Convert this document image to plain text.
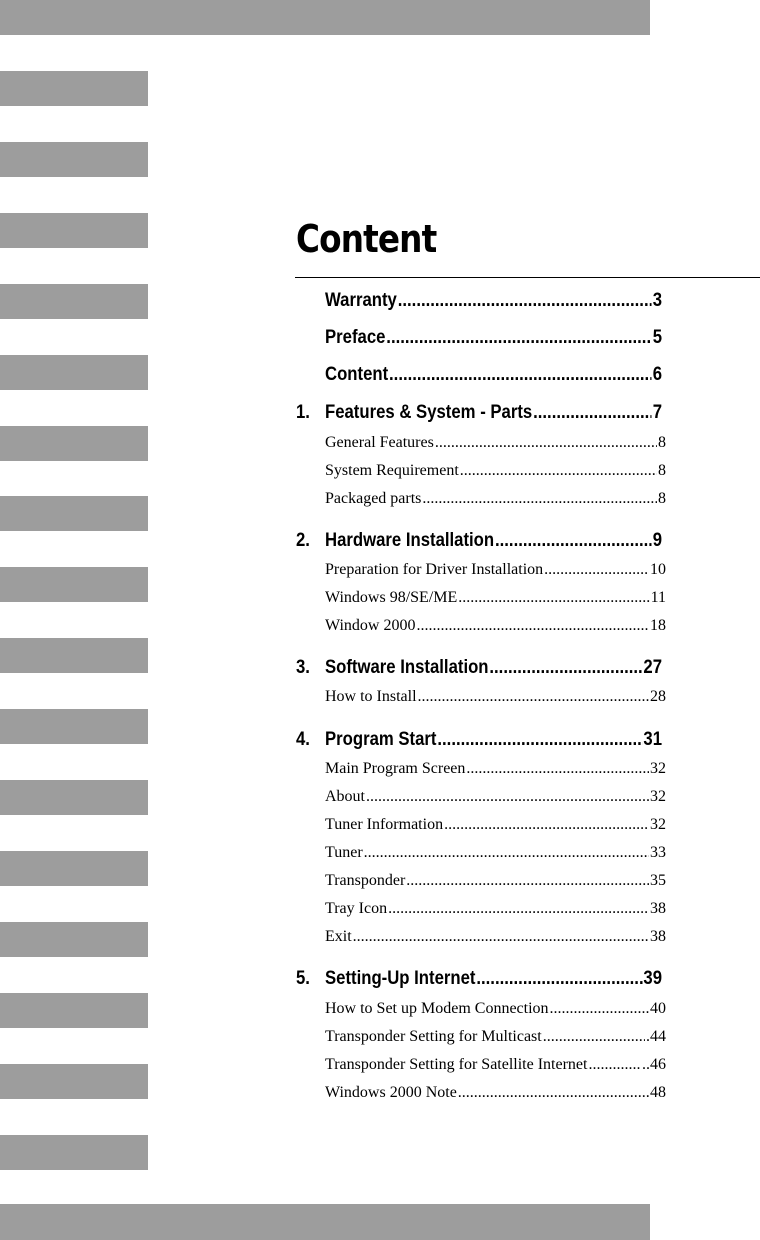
Content
Warranty .....	3
Preface .....	5
Content .....	6
1. Features & System - Parts .....	7
General Features .....	8
System Requirement .....	8
Packaged parts .....	8
2. Hardware Installation .....	9
Preparation for Driver Installation .....	10
Windows 98/SE/ME .....	11
Window 2000 .....	18
3. Software Installation .....	27
How to Install .....	28
4. Program Start .....	31
Main Program Screen .....	32
About .....	32
Tuner Information .....	32
Tuner .....	33
Transponder .....	35
Tray Icon .....	38
Exit .....	38
5. Setting-Up Internet .....	39
How to Set up Modem Connection .....	40
Transponder Setting for Multicast .....	.44
Transponder Setting for Satellite Internet .....	..46
Windows 2000 Note .....	48
